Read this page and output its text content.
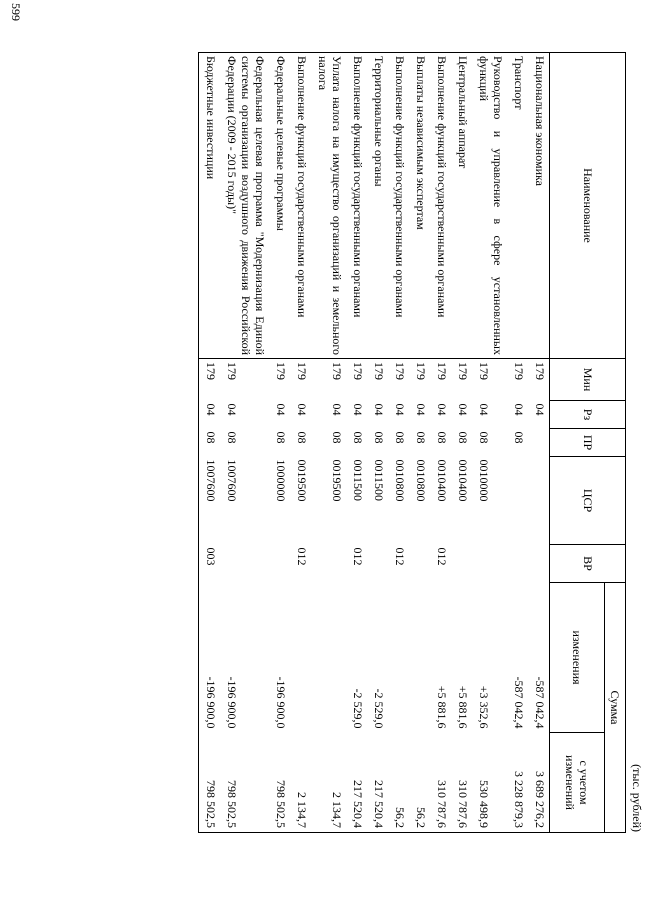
599
(тыс. рублей)
Наименование	Мин	Рз	ПР	ЦСР	ВР	Сумма	
						изменения	с учетом изменений
Национальная экономика	179	04				-587 042,4	3 689 276,2
Транспорт	179	04	08			-587 042,4	3 228 879,3
Руководство и управление в сфере установленных функций	179	04	08	0010000		+3 352,6	530 498,9
Центральный аппарат	179	04	08	0010400		+5 881,6	310 787,6
Выполнение функций государственными органами	179	04	08	0010400	012	+5 881,6	310 787,6
Выплаты независимым экспертам	179	04	08	0010800			56,2
Выполнение функций государственными органами	179	04	08	0010800	012		56,2
Территориальные органы	179	04	08	0011500		-2 529,0	217 520,4
Выполнение функций государственными органами	179	04	08	0011500	012	-2 529,0	217 520,4
Уплата налога на имущество организаций и земельного налога	179	04	08	0019500			2 134,7
Выполнение функций государственными органами	179	04	08	0019500	012		2 134,7
Федеральные целевые программы	179	04	08	1000000		-196 900,0	798 502,5
Федеральная целевая программа "Модернизация Единой системы организации воздушного движения Российской Федерации (2009 - 2015 годы)"	179	04	08	1007600		-196 900,0	798 502,5
Бюджетные инвестиции	179	04	08	1007600	003	-196 900,0	798 502,5
